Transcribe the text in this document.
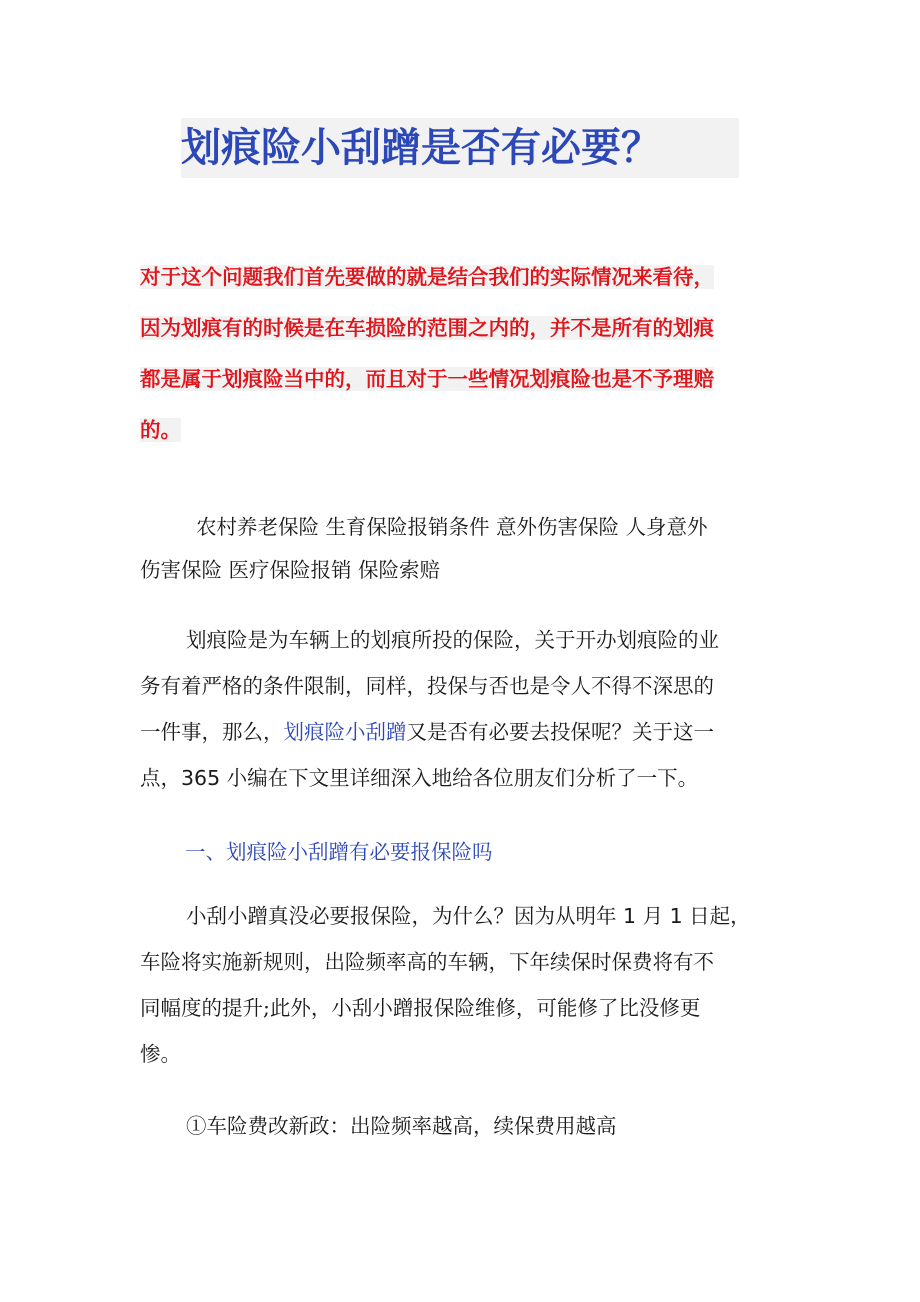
划痕险小刮蹭是否有必要？
对于这个问题我们首先要做的就是结合我们的实际情况来看待，
因为划痕有的时候是在车损险的范围之内的，并不是所有的划痕
都是属于划痕险当中的，而且对于一些情况划痕险也是不予理赔
的。
农村养老保险 生育保险报销条件 意外伤害保险 人身意外
伤害保险 医疗保险报销 保险索赔
划痕险是为车辆上的划痕所投的保险，关于开办划痕险的业
务有着严格的条件限制，同样，投保与否也是令人不得不深思的
一件事，那么，划痕险小刮蹭又是否有必要去投保呢？关于这一
点，365 小编在下文里详细深入地给各位朋友们分析了一下。
一、划痕险小刮蹭有必要报保险吗
小刮小蹭真没必要报保险，为什么？因为从明年 1 月 1 日起，
车险将实施新规则，出险频率高的车辆，下年续保时保费将有不
同幅度的提升;此外，小刮小蹭报保险维修，可能修了比没修更
惨。
①车险费改新政：出险频率越高，续保费用越高
